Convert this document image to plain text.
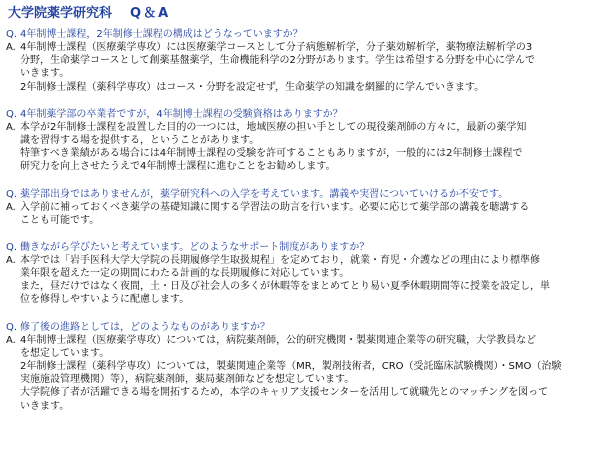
大学院薬学研究科 Q＆A
Q. 4年制博士課程，2年制修士課程の構成はどうなっていますか？
A. 4年制博士課程（医療薬学専攻）には医療薬学コースとして分子病態解析学，分子薬効解析学，薬物療法解析学の3
分野，生命薬学コースとして創薬基盤薬学，生命機能科学の2分野があります。学生は希望する分野を中心に学んで
いきます。
2年制修士課程（薬科学専攻）はコース・分野を設定せず，生命薬学の知識を網羅的に学んでいきます。
Q. 4年制薬学部の卒業者ですが，4年制博士課程の受験資格はありますか？
A. 本学が2年制修士課程を設置した目的の一つには，地域医療の担い手としての現役薬剤師の方々に，最新の薬学知
識を習得する場を提供する，ということがあります。
特筆すべき業績がある場合には4年制博士課程の受験を許可することもありますが，一般的には2年制修士課程で
研究力を向上させたうえで4年制博士課程に進むことをお勧めします。
Q. 薬学部出身ではありませんが，薬学研究科への入学を考えています。講義や実習についていけるか不安です。
A. 入学前に補っておくべき薬学の基礎知識に関する学習法の助言を行います。必要に応じて薬学部の講義を聴講する
ことも可能です。
Q. 働きながら学びたいと考えています。どのようなサポート制度がありますか？
A. 本学では「岩手医科大学大学院の長期履修学生取扱規程」を定めており，就業・育児・介護などの理由により標準修
業年限を超えた一定の期間にわたる計画的な長期履修に対応しています。
また，昼だけではなく夜間，土・日及び社会人の多くが休暇等をまとめてとり易い夏季休暇期間等に授業を設定し，単
位を修得しやすいように配慮します。
Q. 修了後の進路としては，どのようなものがありますか？
A. 4年制博士課程（医療薬学専攻）については，病院薬剤師，公的研究機関・製薬関連企業等の研究職，大学教員など
を想定しています。
2年制修士課程（薬科学専攻）については，製薬関連企業等（MR，製剤技術者，CRO（受託臨床試験機関）・SMO（治験
実施施設管理機関）等），病院薬剤師，薬局薬剤師などを想定しています。
大学院修了者が活躍できる場を開拓するため，本学のキャリア支援センターを活用して就職先とのマッチングを図って
いきます。
